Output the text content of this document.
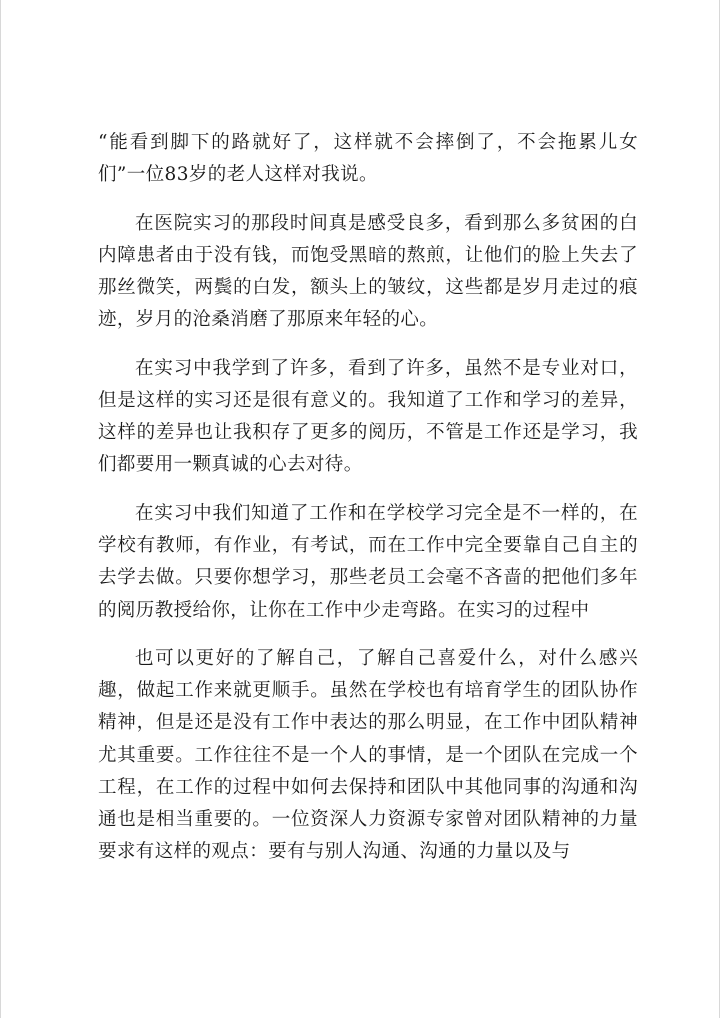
“能看到脚下的路就好了，这样就不会摔倒了，不会拖累儿女们”一位83岁的老人这样对我说。

在医院实习的那段时间真是感受良多，看到那么多贫困的白内障患者由于没有钱，而饱受黑暗的熬煎，让他们的脸上失去了那丝微笑，两鬓的白发，额头上的皱纹，这些都是岁月走过的痕迹，岁月的沧桑消磨了那原来年轻的心。

在实习中我学到了许多，看到了许多，虽然不是专业对口，但是这样的实习还是很有意义的。我知道了工作和学习的差异，这样的差异也让我积存了更多的阅历，不管是工作还是学习，我们都要用一颗真诚的心去对待。

在实习中我们知道了工作和在学校学习完全是不一样的，在学校有教师，有作业，有考试，而在工作中完全要靠自己自主的去学去做。只要你想学习，那些老员工会毫不吝啬的把他们多年的阅历教授给你，让你在工作中少走弯路。在实习的过程中

也可以更好的了解自己，了解自己喜爱什么，对什么感兴趣，做起工作来就更顺手。虽然在学校也有培育学生的团队协作精神，但是还是没有工作中表达的那么明显，在工作中团队精神尤其重要。工作往往不是一个人的事情，是一个团队在完成一个工程，在工作的过程中如何去保持和团队中其他同事的沟通和沟通也是相当重要的。一位资深人力资源专家曾对团队精神的力量要求有这样的观点：要有与别人沟通、沟通的力量以及与
